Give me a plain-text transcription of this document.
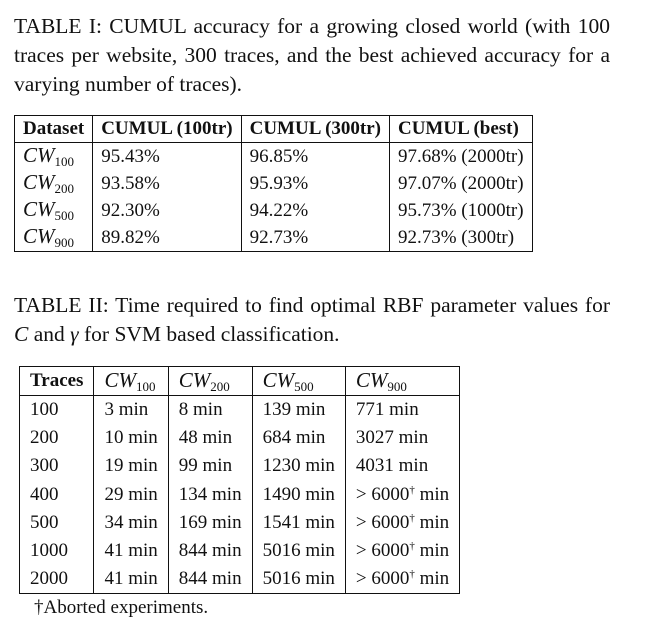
TABLE I: CUMUL accuracy for a growing closed world (with 100 traces per website, 300 traces, and the best achieved accuracy for a varying number of traces).
Dataset	CUMUL (100tr)	CUMUL (300tr)	CUMUL (best)
$CW_{100}$	95.43%	96.85%	97.68% (2000tr)
$CW_{200}$	93.58%	95.93%	97.07% (2000tr)
$CW_{500}$	92.30%	94.22%	95.73% (1000tr)
$CW_{900}$	89.82%	92.73%	92.73% (300tr)
TABLE II: Time required to find optimal RBF parameter values for C and γ for SVM based classification.
Traces	$CW_{100}$	$CW_{200}$	$CW_{500}$	$CW_{900}$
100	3 min	8 min	139 min	771 min
200	10 min	48 min	684 min	3027 min
300	19 min	99 min	1230 min	4031 min
400	29 min	134 min	1490 min	> 6000† min
500	34 min	169 min	1541 min	> 6000† min
1000	41 min	844 min	5016 min	> 6000† min
2000	41 min	844 min	5016 min	> 6000† min
†Aborted experiments.
